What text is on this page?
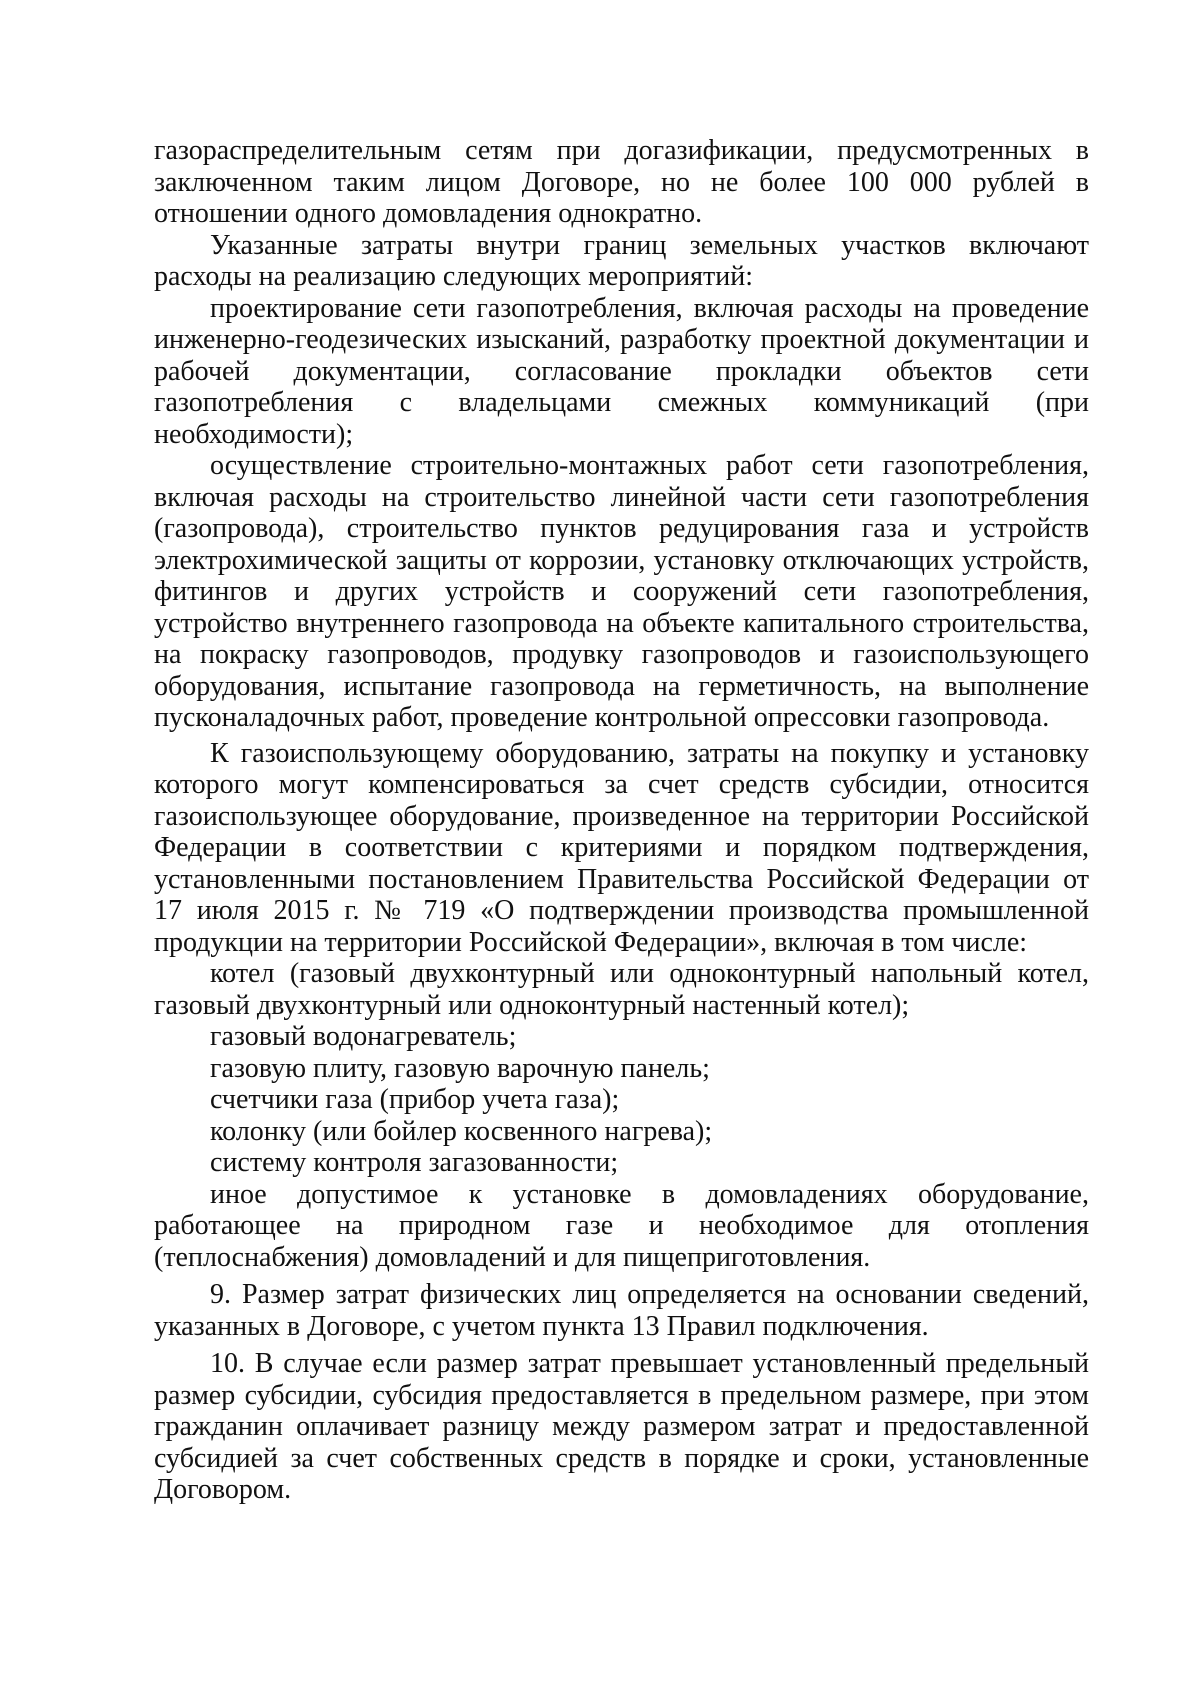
газораспределительным сетям при догазификации, предусмотренных в заключенном таким лицом Договоре, но не более 100 000 рублей в отношении одного домовладения однократно.

Указанные затраты внутри границ земельных участков включают расходы на реализацию следующих мероприятий:

проектирование сети газопотребления, включая расходы на проведение инженерно-геодезических изысканий, разработку проектной документации и рабочей документации, согласование прокладки объектов сети газопотребления с владельцами смежных коммуникаций (при необходимости);

осуществление строительно-монтажных работ сети газопотребления, включая расходы на строительство линейной части сети газопотребления (газопровода), строительство пунктов редуцирования газа и устройств электрохимической защиты от коррозии, установку отключающих устройств, фитингов и других устройств и сооружений сети газопотребления, устройство внутреннего газопровода на объекте капитального строительства, на покраску газопроводов, продувку газопроводов и газоиспользующего оборудования, испытание газопровода на герметичность, на выполнение пусконаладочных работ, проведение контрольной опрессовки газопровода.

К газоиспользующему оборудованию, затраты на покупку и установку которого могут компенсироваться за счет средств субсидии, относится газоиспользующее оборудование, произведенное на территории Российской Федерации в соответствии с критериями и порядком подтверждения, установленными постановлением Правительства Российской Федерации от 17 июля 2015 г. № 719 «О подтверждении производства промышленной продукции на территории Российской Федерации», включая в том числе:

котел (газовый двухконтурный или одноконтурный напольный котел, газовый двухконтурный или одноконтурный настенный котел);

газовый водонагреватель;

газовую плиту, газовую варочную панель;

счетчики газа (прибор учета газа);

колонку (или бойлер косвенного нагрева);

систему контроля загазованности;

иное допустимое к установке в домовладениях оборудование, работающее на природном газе и необходимое для отопления (теплоснабжения) домовладений и для пищеприготовления.

9. Размер затрат физических лиц определяется на основании сведений, указанных в Договоре, с учетом пункта 13 Правил подключения.

10. В случае если размер затрат превышает установленный предельный размер субсидии, субсидия предоставляется в предельном размере, при этом гражданин оплачивает разницу между размером затрат и предоставленной субсидией за счет собственных средств в порядке и сроки, установленные Договором.
